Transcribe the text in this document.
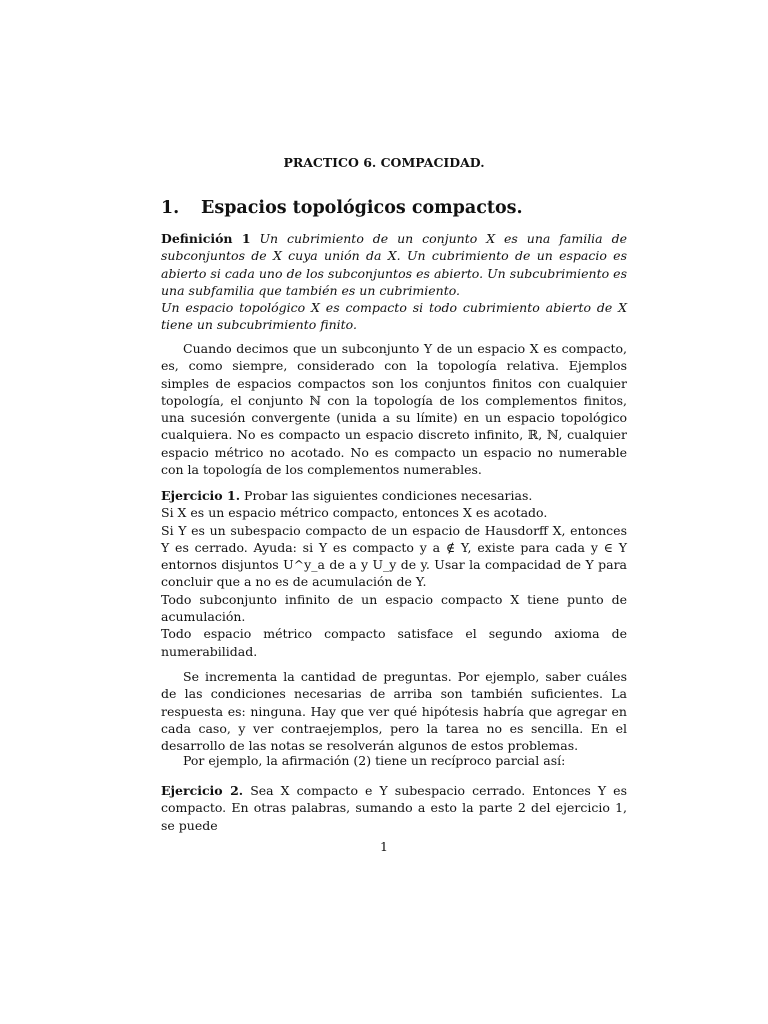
PRACTICO 6. COMPACIDAD.
1. Espacios topológicos compactos.
Definición 1 Un cubrimiento de un conjunto X es una familia de subconjuntos de X cuya unión da X. Un cubrimiento de un espacio es abierto si cada uno de los subconjuntos es abierto. Un subcubrimiento es una subfamilia que también es un cubrimiento.
Un espacio topológico X es compacto si todo cubrimiento abierto de X tiene un subcubrimiento finito.
Cuando decimos que un subconjunto Y de un espacio X es compacto, es, como siempre, considerado con la topología relativa. Ejemplos simples de espacios compactos son los conjuntos finitos con cualquier topología, el conjunto ℕ con la topología de los complementos finitos, una sucesión convergente (unida a su límite) en un espacio topológico cualquiera. No es compacto un espacio discreto infinito, ℝ, ℕ, cualquier espacio métrico no acotado. No es compacto un espacio no numerable con la topología de los complementos numerables.
Ejercicio 1. Probar las siguientes condiciones necesarias.
Si X es un espacio métrico compacto, entonces X es acotado.
Si Y es un subespacio compacto de un espacio de Hausdorff X, entonces Y es cerrado. Ayuda: si Y es compacto y a ∉ Y, existe para cada y ∈ Y entornos disjuntos U^y_a de a y U_y de y. Usar la compacidad de Y para concluir que a no es de acumulación de Y.
Todo subconjunto infinito de un espacio compacto X tiene punto de acumulación.
Todo espacio métrico compacto satisface el segundo axioma de numerabilidad.
Se incrementa la cantidad de preguntas. Por ejemplo, saber cuáles de las condiciones necesarias de arriba son también suficientes. La respuesta es: ninguna. Hay que ver qué hipótesis habría que agregar en cada caso, y ver contraejemplos, pero la tarea no es sencilla. En el desarrollo de las notas se resolverán algunos de estos problemas.
Por ejemplo, la afirmación (2) tiene un recíproco parcial así:
Ejercicio 2. Sea X compacto e Y subespacio cerrado. Entonces Y es compacto. En otras palabras, sumando a esto la parte 2 del ejercicio 1, se puede
1
